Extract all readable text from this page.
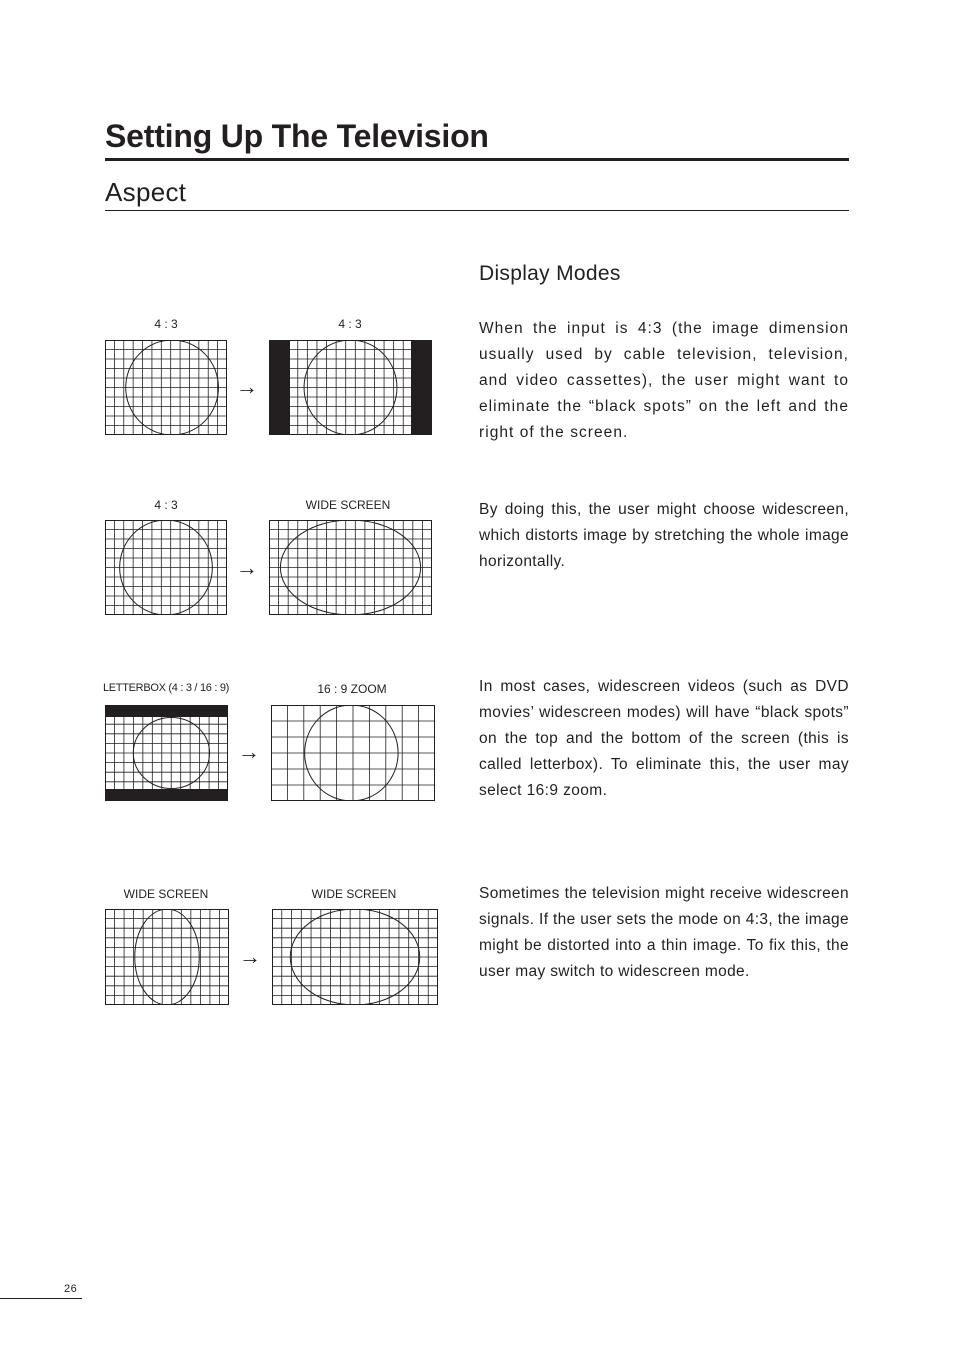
Setting Up The Television
Aspect
Display Modes

When the input is 4:3 (the image dimension usually used by cable television, television, and video cassettes), the user might want to eliminate the “black spots” on the left and the right of the screen.

By doing this, the user might choose widescreen, which distorts image by stretching the whole image horizontally.

In most cases, widescreen videos (such as DVD movies’ widescreen modes) will have “black spots” on the top and the bottom of the screen (this is called letterbox). To eliminate this, the user may select 16:9 zoom.

Sometimes the television might receive widescreen signals. If the user sets the mode on 4:3, the image might be distorted into a thin image. To fix this, the user may switch to widescreen mode.

4 : 3	4 : 3
→
4 : 3	WIDE SCREEN
→
LETTERBOX (4 : 3 / 16 : 9)	16 : 9 ZOOM
→
WIDE SCREEN	WIDE SCREEN
→
26
